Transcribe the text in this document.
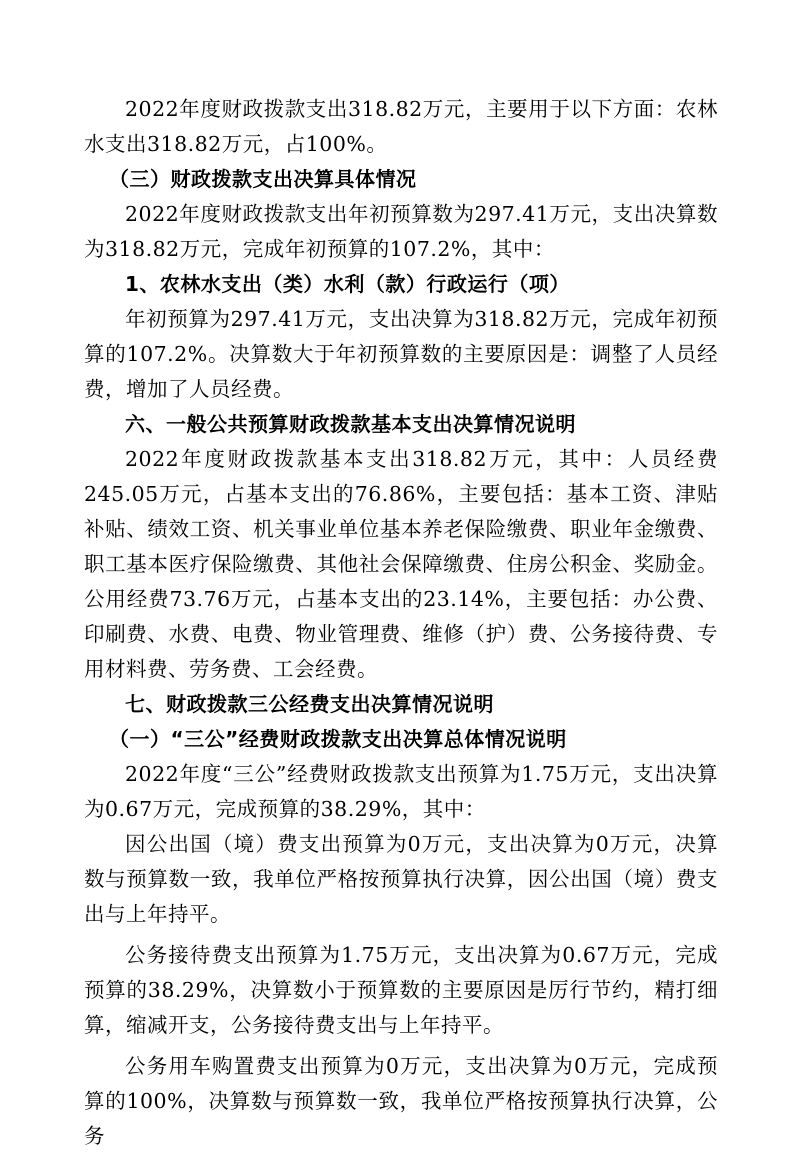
2022年度财政拨款支出318.82万元，主要用于以下方面：农林水支出318.82万元，占100%。

（三）财政拨款支出决算具体情况

2022年度财政拨款支出年初预算数为297.41万元，支出决算数为318.82万元，完成年初预算的107.2%，其中：

1、农林水支出（类）水利（款）行政运行（项）

年初预算为297.41万元，支出决算为318.82万元，完成年初预算的107.2%。决算数大于年初预算数的主要原因是：调整了人员经费，增加了人员经费。

六、一般公共预算财政拨款基本支出决算情况说明

2022年度财政拨款基本支出318.82万元，其中：人员经费245.05万元，占基本支出的76.86%，主要包括：基本工资、津贴补贴、绩效工资、机关事业单位基本养老保险缴费、职业年金缴费、职工基本医疗保险缴费、其他社会保障缴费、住房公积金、奖励金。公用经费73.76万元，占基本支出的23.14%，主要包括：办公费、印刷费、水费、电费、物业管理费、维修（护）费、公务接待费、专用材料费、劳务费、工会经费。

七、财政拨款三公经费支出决算情况说明

（一）“三公”经费财政拨款支出决算总体情况说明

2022年度“三公”经费财政拨款支出预算为1.75万元，支出决算为0.67万元，完成预算的38.29%，其中：

因公出国（境）费支出预算为0万元，支出决算为0万元，决算数与预算数一致，我单位严格按预算执行决算，因公出国（境）费支出与上年持平。

公务接待费支出预算为1.75万元，支出决算为0.67万元，完成预算的38.29%，决算数小于预算数的主要原因是厉行节约，精打细算，缩减开支，公务接待费支出与上年持平。

公务用车购置费支出预算为0万元，支出决算为0万元，完成预算的100%，决算数与预算数一致，我单位严格按预算执行决算，公务
